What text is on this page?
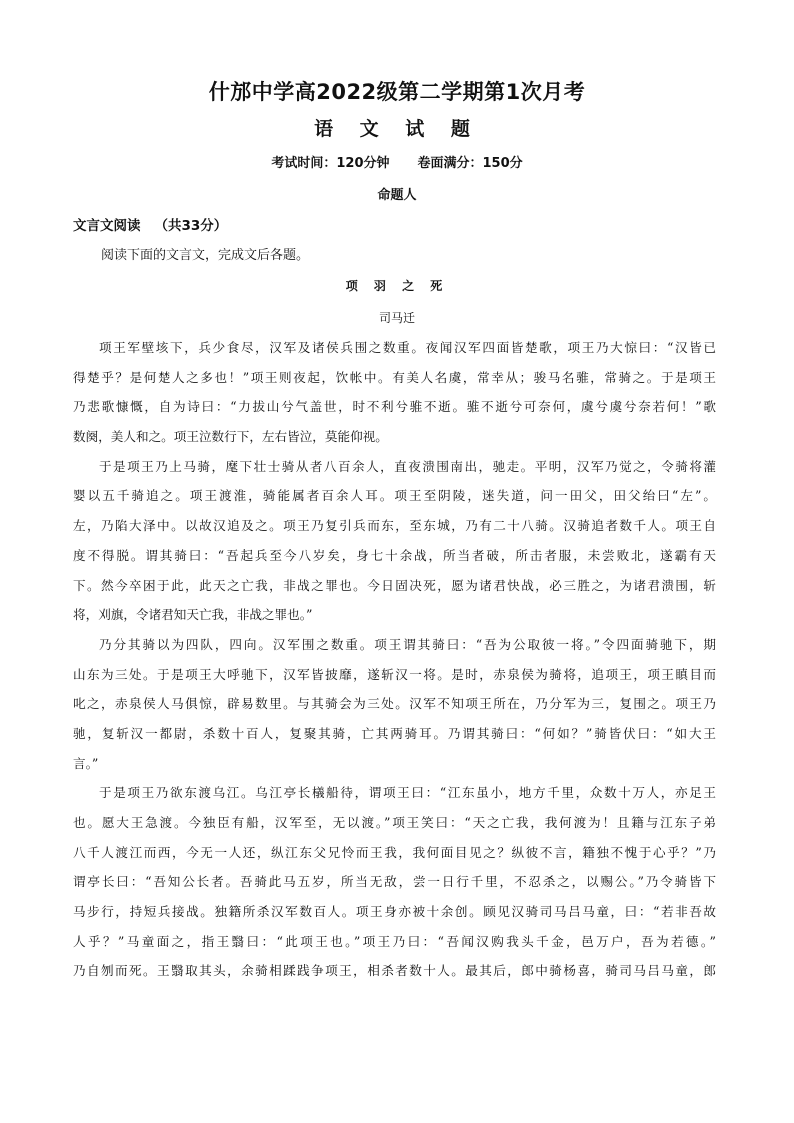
什邡中学高2022级第二学期第1次月考
语 文 试 题
考试时间：120分钟 卷面满分：150分
命题人
文言文阅读 （共33分）
阅读下面的文言文，完成文后各题。
项 羽 之 死
司马迁
项王军壁垓下，兵少食尽，汉军及诸侯兵围之数重。夜闻汉军四面皆楚歌，项王乃大惊曰：“汉皆已
得楚乎？是何楚人之多也！”项王则夜起，饮帐中。有美人名虞，常幸从；骏马名骓，常骑之。于是项王
乃悲歌慷慨，自为诗曰：“力拔山兮气盖世，时不利兮骓不逝。骓不逝兮可奈何，虞兮虞兮奈若何！”歌
数阕，美人和之。项王泣数行下，左右皆泣，莫能仰视。
于是项王乃上马骑，麾下壮士骑从者八百余人，直夜溃围南出，驰走。平明，汉军乃觉之，令骑将灌
婴以五千骑追之。项王渡淮，骑能属者百余人耳。项王至阴陵，迷失道，问一田父，田父绐曰“左”。
左，乃陷大泽中。以故汉追及之。项王乃复引兵而东，至东城，乃有二十八骑。汉骑追者数千人。项王自
度不得脱。谓其骑曰：“吾起兵至今八岁矣，身七十余战，所当者破，所击者服，未尝败北，遂霸有天
下。然今卒困于此，此天之亡我，非战之罪也。今日固决死，愿为诸君快战，必三胜之，为诸君溃围，斩
将，刈旗，令诸君知天亡我，非战之罪也。”
乃分其骑以为四队，四向。汉军围之数重。项王谓其骑曰：“吾为公取彼一将。”令四面骑驰下，期
山东为三处。于是项王大呼驰下，汉军皆披靡，遂斩汉一将。是时，赤泉侯为骑将，追项王，项王瞋目而
叱之，赤泉侯人马俱惊，辟易数里。与其骑会为三处。汉军不知项王所在，乃分军为三，复围之。项王乃
驰，复斩汉一都尉，杀数十百人，复聚其骑，亡其两骑耳。乃谓其骑曰：“何如？”骑皆伏曰：“如大王
言。”
于是项王乃欲东渡乌江。乌江亭长檥船待，谓项王曰：“江东虽小，地方千里，众数十万人，亦足王
也。愿大王急渡。今独臣有船，汉军至，无以渡。”项王笑曰：“天之亡我，我何渡为！且籍与江东子弟
八千人渡江而西，今无一人还，纵江东父兄怜而王我，我何面目见之？纵彼不言，籍独不愧于心乎？”乃
谓亭长曰：“吾知公长者。吾骑此马五岁，所当无敌，尝一日行千里，不忍杀之，以赐公。”乃令骑皆下
马步行，持短兵接战。独籍所杀汉军数百人。项王身亦被十余创。顾见汉骑司马吕马童，曰：“若非吾故
人乎？”马童面之，指王翳曰：“此项王也。”项王乃曰：“吾闻汉购我头千金，邑万户，吾为若德。”
乃自刎而死。王翳取其头，余骑相蹂践争项王，相杀者数十人。最其后，郎中骑杨喜，骑司马吕马童，郎
